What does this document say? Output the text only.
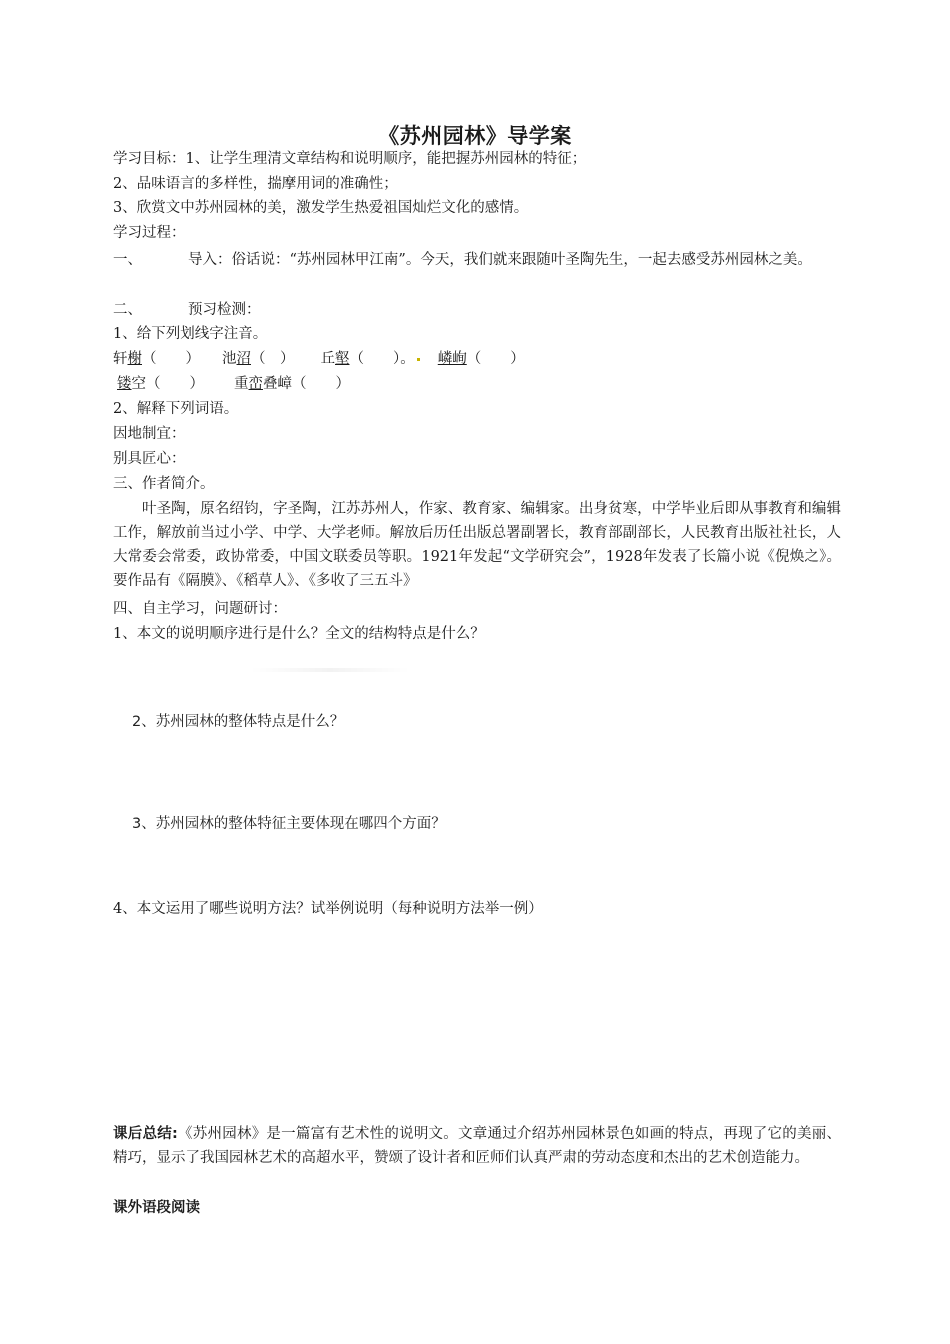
《苏州园林》导学案
学习目标：1、让学生理清文章结构和说明顺序，能把握苏州园林的特征；
2、品味语言的多样性，揣摩用词的准确性；
3、欣赏文中苏州园林的美，激发学生热爱祖国灿烂文化的感情。
学习过程：
一、	导入：俗话说：“苏州园林甲江南”。今天，我们就来跟随叶圣陶先生，一起去感受苏州园林之美。
二、	预习检测：
1、给下列划线字注音。
轩榭（　　） 池沼（　） 丘壑（　　）。 嶙峋（　　）
镂空（　　） 重峦叠嶂（　　）
2、解释下列词语。
因地制宜：
别具匠心：
三、作者简介。
叶圣陶，原名绍钧，字圣陶，江苏苏州人，作家、教育家、编辑家。出身贫寒，中学毕业后即从事教育和编辑工作，解放前当过小学、中学、大学老师。解放后历任出版总署副署长，教育部副部长，人民教育出版社社长，人大常委会常委，政协常委，中国文联委员等职。1921年发起“文学研究会”，1928年发表了长篇小说《倪焕之》。要作品有《隔膜》、《稻草人》、《多收了三五斗》
四、自主学习，问题研讨：
1、本文的说明顺序进行是什么？全文的结构特点是什么？
2、苏州园林的整体特点是什么？
3、苏州园林的整体特征主要体现在哪四个方面？
4、本文运用了哪些说明方法？试举例说明（每种说明方法举一例）
课后总结:《苏州园林》是一篇富有艺术性的说明文。文章通过介绍苏州园林景色如画的特点，再现了它的美丽、精巧，显示了我国园林艺术的高超水平，赞颂了设计者和匠师们认真严肃的劳动态度和杰出的艺术创造能力。
课外语段阅读
